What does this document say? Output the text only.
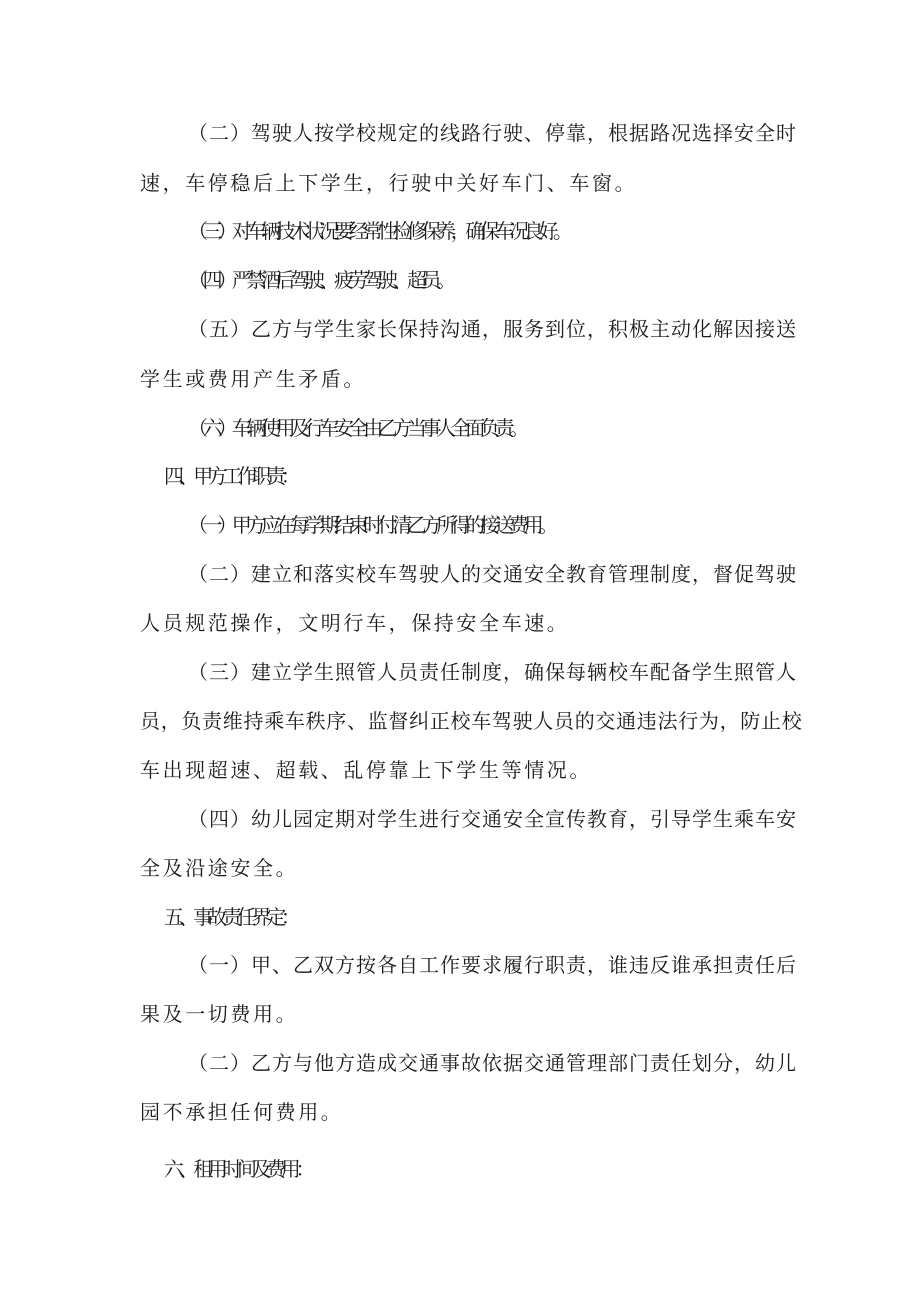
（二）驾驶人按学校规定的线路行驶、停靠，根据路况选择安全时
速，车停稳后上下学生，行驶中关好车门、车窗。
（三）对车辆技术状况要经常性检修保养，确保车况良好。
（四）严禁酒后驾驶、疲劳驾驶、超员。
（五）乙方与学生家长保持沟通，服务到位，积极主动化解因接送
学生或费用产生矛盾。
（六）车辆使用及行车安全由乙方当事人全面负责。
四、甲方工作职责：
（一）甲方应在每学期结束时付清乙方所得的接送费用。
（二）建立和落实校车驾驶人的交通安全教育管理制度，督促驾驶
人员规范操作，文明行车，保持安全车速。
（三）建立学生照管人员责任制度，确保每辆校车配备学生照管人
员，负责维持乘车秩序、监督纠正校车驾驶人员的交通违法行为，防止校
车出现超速、超载、乱停靠上下学生等情况。
（四）幼儿园定期对学生进行交通安全宣传教育，引导学生乘车安
全及沿途安全。
五、事故责任界定：
（一）甲、乙双方按各自工作要求履行职责，谁违反谁承担责任后
果及一切费用。
（二）乙方与他方造成交通事故依据交通管理部门责任划分，幼儿
园不承担任何费用。
六、租用时间及费用：
